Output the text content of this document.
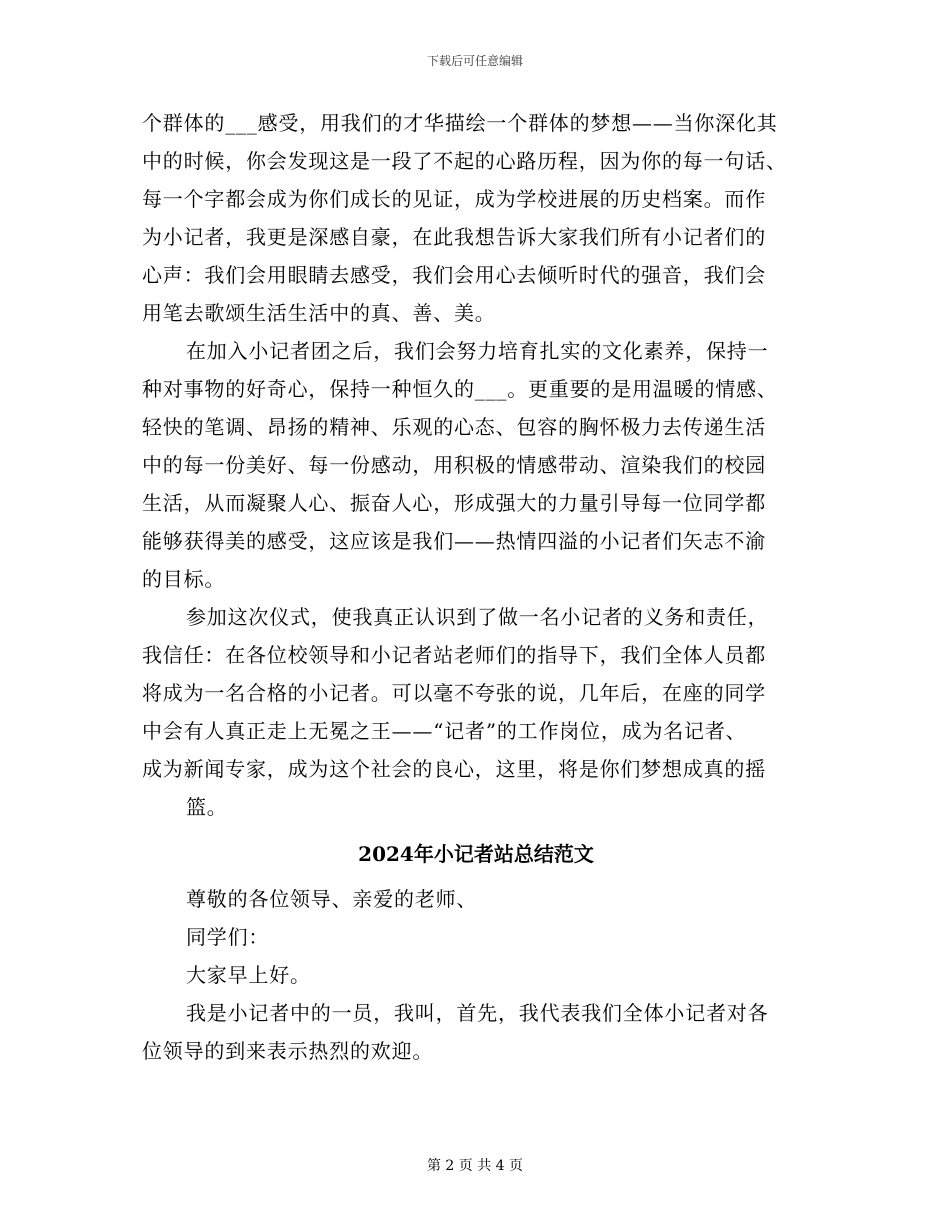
下载后可任意编辑
个群体的___感受，用我们的才华描绘一个群体的梦想——当你深化其
中的时候，你会发现这是一段了不起的心路历程，因为你的每一句话、
每一个字都会成为你们成长的见证，成为学校进展的历史档案。而作
为小记者，我更是深感自豪，在此我想告诉大家我们所有小记者们的
心声：我们会用眼睛去感受，我们会用心去倾听时代的强音，我们会
用笔去歌颂生活生活中的真、善、美。
在加入小记者团之后，我们会努力培育扎实的文化素养，保持一
种对事物的好奇心，保持一种恒久的___。更重要的是用温暖的情感、
轻快的笔调、昂扬的精神、乐观的心态、包容的胸怀极力去传递生活
中的每一份美好、每一份感动，用积极的情感带动、渲染我们的校园
生活，从而凝聚人心、振奋人心，形成强大的力量引导每一位同学都
能够获得美的感受，这应该是我们——热情四溢的小记者们矢志不渝
的目标。
参加这次仪式，使我真正认识到了做一名小记者的义务和责任，
我信任：在各位校领导和小记者站老师们的指导下，我们全体人员都
将成为一名合格的小记者。可以毫不夸张的说，几年后，在座的同学
中会有人真正走上无冕之王——“记者”的工作岗位，成为名记者、
成为新闻专家，成为这个社会的良心，这里，将是你们梦想成真的摇
篮。
2024年小记者站总结范文
尊敬的各位领导、亲爱的老师、
同学们：
大家早上好。
我是小记者中的一员，我叫，首先，我代表我们全体小记者对各
位领导的到来表示热烈的欢迎。
第 2 页 共 4 页
